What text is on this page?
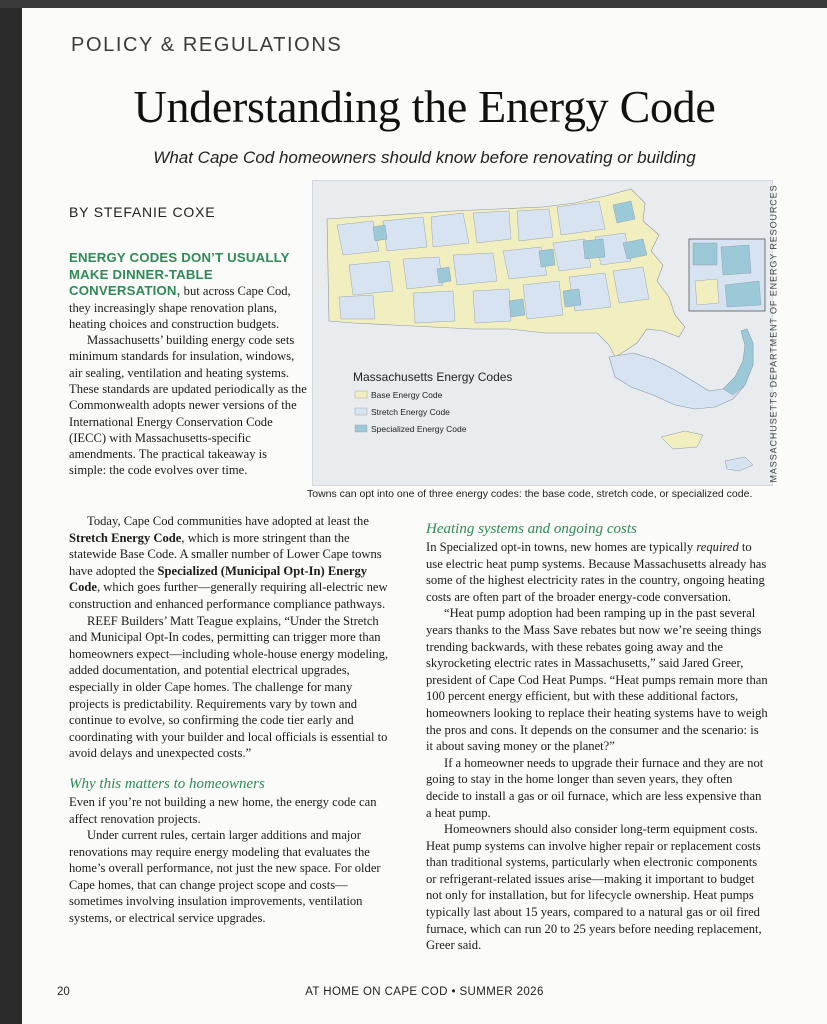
POLICY & REGULATIONS
Understanding the Energy Code
What Cape Cod homeowners should know before renovating or building
BY STEFANIE COXE

ENERGY CODES DON’T USUALLY MAKE DINNER-TABLE CONVERSATION, but across Cape Cod, they increasingly shape renovation plans, heating choices and construction budgets.

Massachusetts’ building energy code sets minimum standards for insulation, windows, air sealing, ventilation and heating systems. These standards are updated periodically as the Commonwealth adopts newer versions of the International Energy Conservation Code (IECC) with Massachusetts-specific amendments. The practical takeaway is simple: the code evolves over time.

Massachusetts Energy Codes
Base Energy Code
Stretch Energy Code
Specialized Energy Code	MASSACHUSETTS DEPARTMENT OF ENERGY RESOURCES
Towns can opt into one of three energy codes: the base code, stretch code, or specialized code.

Today, Cape Cod communities have adopted at least the Stretch Energy Code, which is more stringent than the statewide Base Code. A smaller number of Lower Cape towns have adopted the Specialized (Municipal Opt-In) Energy Code, which goes further—generally requiring all-electric new construction and enhanced performance compliance pathways.

REEF Builders’ Matt Teague explains, “Under the Stretch and Municipal Opt-In codes, permitting can trigger more than homeowners expect—including whole-house energy modeling, added documentation, and potential electrical upgrades, especially in older Cape homes. The challenge for many projects is predictability. Requirements vary by town and continue to evolve, so confirming the code tier early and coordinating with your builder and local officials is essential to avoid delays and unexpected costs.”

Why this matters to homeowners

Even if you’re not building a new home, the energy code can affect renovation projects.

Under current rules, certain larger additions and major renovations may require energy modeling that evaluates the home’s overall performance, not just the new space. For older Cape homes, that can change project scope and costs—sometimes involving insulation improvements, ventilation systems, or electrical service upgrades.

Heating systems and ongoing costs

In Specialized opt-in towns, new homes are typically required to use electric heat pump systems. Because Massachusetts already has some of the highest electricity rates in the country, ongoing heating costs are often part of the broader energy-code conversation.

“Heat pump adoption had been ramping up in the past several years thanks to the Mass Save rebates but now we’re seeing things trending backwards, with these rebates going away and the skyrocketing electric rates in Massachusetts,” said Jared Greer, president of Cape Cod Heat Pumps. “Heat pumps remain more than 100 percent energy efficient, but with these additional factors, homeowners looking to replace their heating systems have to weigh the pros and cons. It depends on the consumer and the scenario: is it about saving money or the planet?”

If a homeowner needs to upgrade their furnace and they are not going to stay in the home longer than seven years, they often decide to install a gas or oil furnace, which are less expensive than a heat pump.

Homeowners should also consider long-term equipment costs. Heat pump systems can involve higher repair or replacement costs than traditional systems, particularly when electronic components or refrigerant-related issues arise—making it important to budget not only for installation, but for lifecycle ownership. Heat pumps typically last about 15 years, compared to a natural gas or oil fired furnace, which can run 20 to 25 years before needing replacement, Greer said.

20	AT HOME ON CAPE COD • SUMMER 2026
